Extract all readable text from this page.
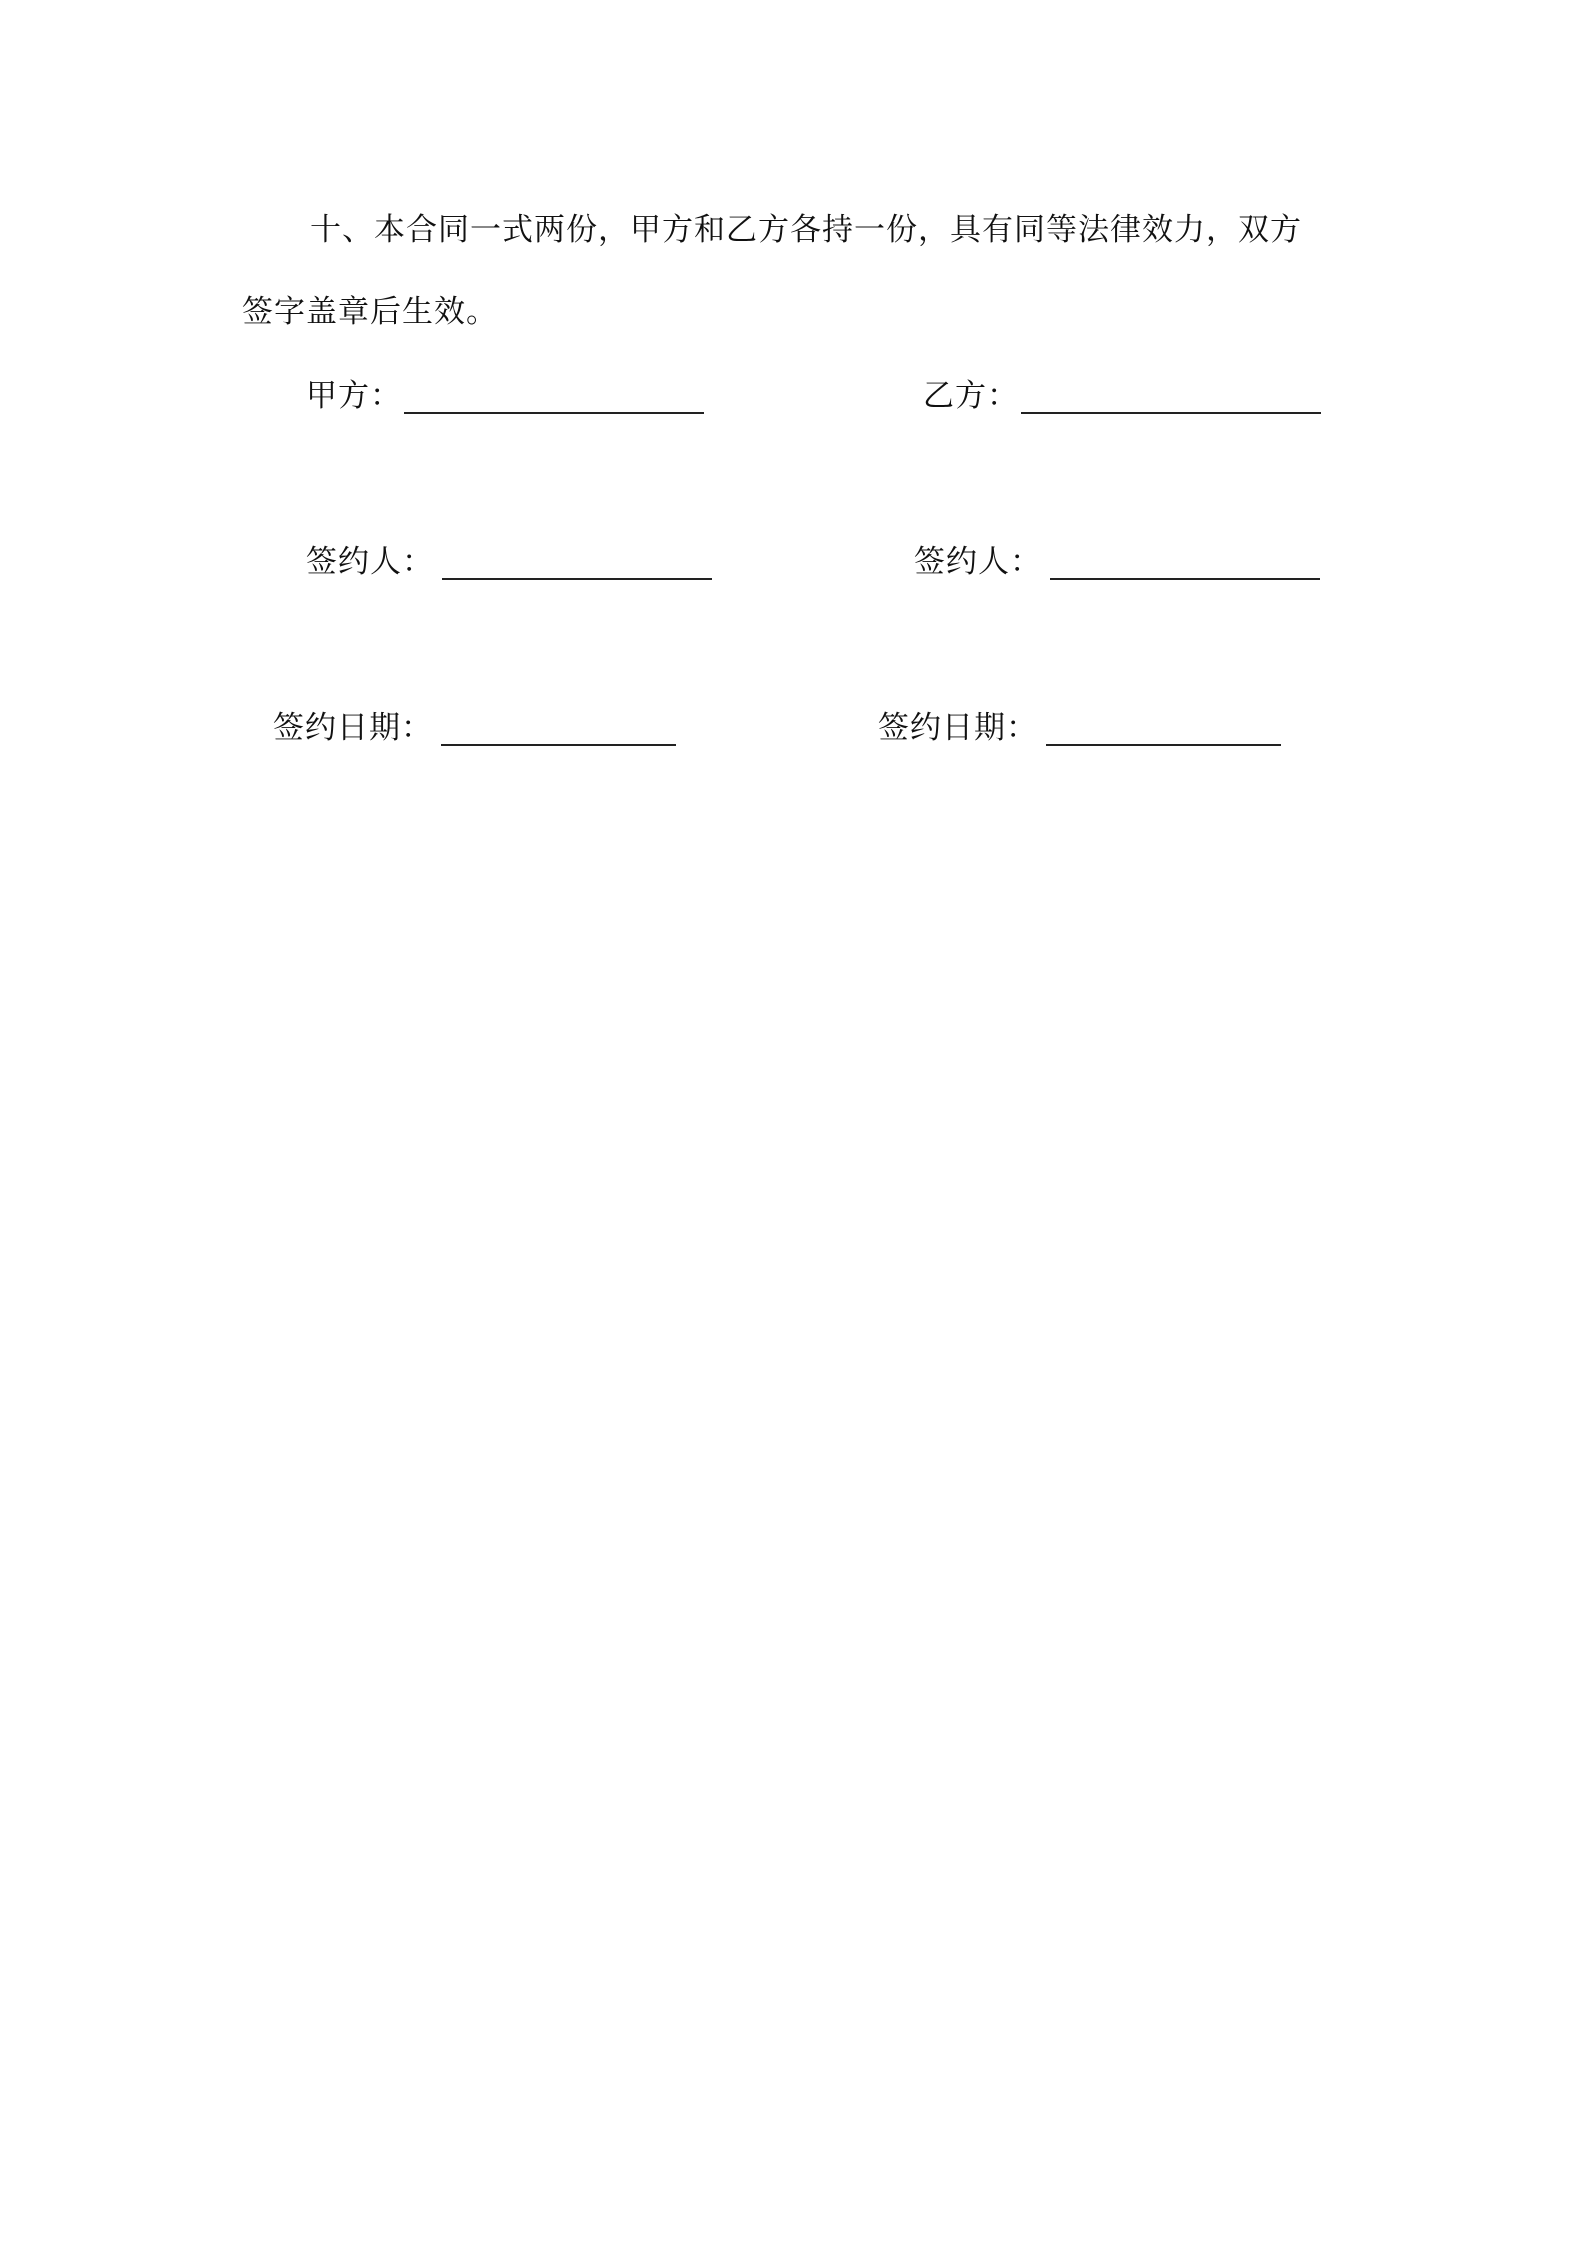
十、本合同一式两份，甲方和乙方各持一份，具有同等法律效力，双方
签字盖章后生效。
甲方：	乙方：
签约人：	签约人：
签约日期：	签约日期：
